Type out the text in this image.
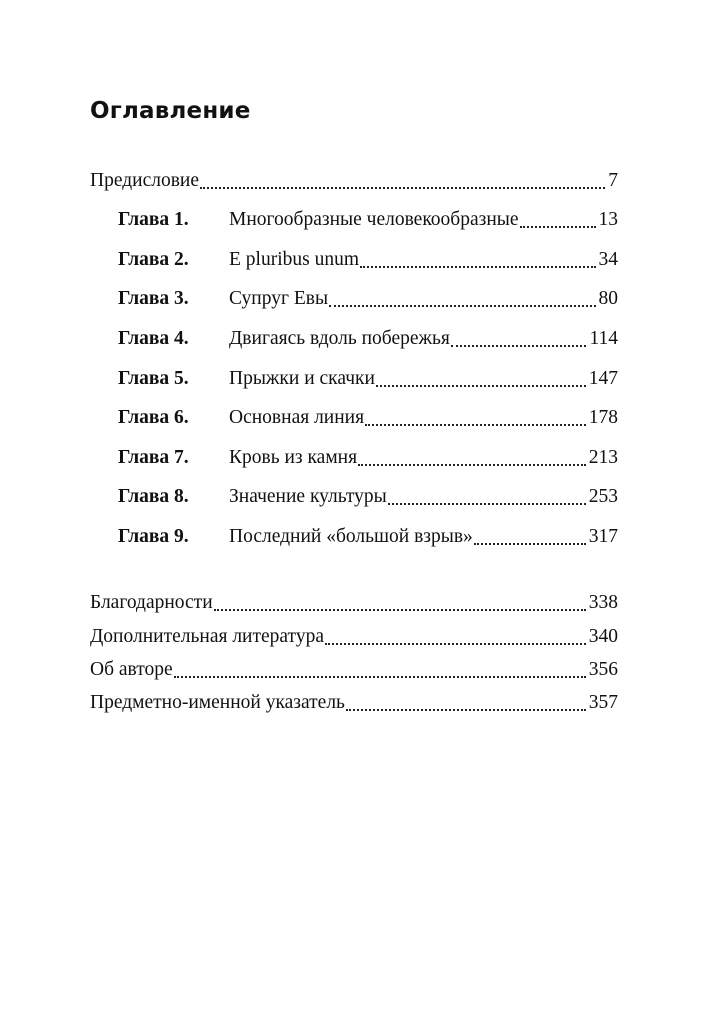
Оглавление
Предисловие	7
Глава 1.	Многообразные человекообразные	13
Глава 2.	E pluribus unum	34
Глава 3.	Супруг Евы	80
Глава 4.	Двигаясь вдоль побережья	114
Глава 5.	Прыжки и скачки	147
Глава 6.	Основная линия	178
Глава 7.	Кровь из камня	213
Глава 8.	Значение культуры	253
Глава 9.	Последний «большой взрыв»	317
Благодарности	338
Дополнительная литература	340
Об авторе	356
Предметно-именной указатель	357
